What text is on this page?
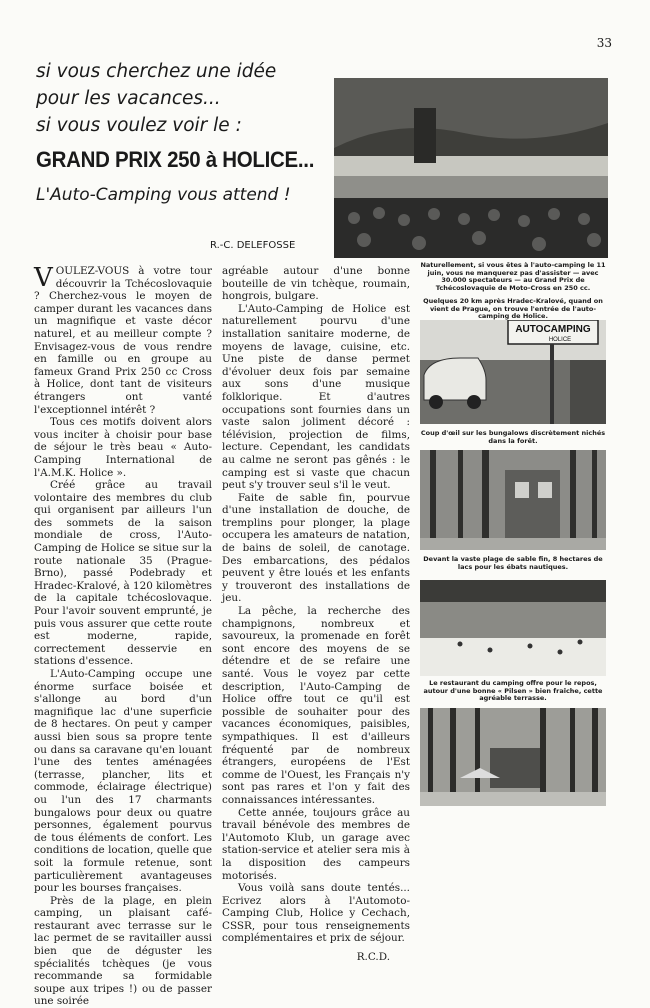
33

si vous cherchez une idée

pour les vacances...

si vous voulez voir le :

GRAND PRIX 250 à HOLICE...
L'Auto-Camping vous attend !
R.-C. DELEFOSSE
Naturellement, si vous êtes à l'auto-camping le 11 juin, vous ne manquerez pas d'assister — avec 30.000 spectateurs — au Grand Prix de Tchécoslovaquie de Moto-Cross en 250 cc.
AUTOCAMPING
HOLICE
Quelques 20 km après Hradec-Kralové, quand on vient de Prague, on trouve l'entrée de l'auto-camping de Holice.
Coup d'œil sur les bungalows discrètement nichés dans la forêt.
Devant la vaste plage de sable fin, 8 hectares de lacs pour les ébats nautiques.
Le restaurant du camping offre pour le repos, autour d'une bonne « Pilsen » bien fraîche, cette agréable terrasse.

VOULEZ-VOUS à votre tour découvrir la Tchécoslovaquie ? Cherchez-vous le moyen de camper durant les vacances dans un magnifique et vaste décor naturel, et au meilleur compte ? Envisagez-vous de vous rendre en famille ou en groupe au fameux Grand Prix 250 cc Cross à Holice, dont tant de visiteurs étrangers ont vanté l'exceptionnel intérêt ?

Tous ces motifs doivent alors vous inciter à choisir pour base de séjour le très beau « Auto-Camping International de l'A.M.K. Holice ».

Créé grâce au travail volontaire des membres du club qui organisent par ailleurs l'un des sommets de la saison mondiale de cross, l'Auto-Camping de Holice se situe sur la route nationale 35 (Prague-Brno), passé Podebrady et Hradec-Kralové, à 120 kilomètres de la capitale tchécoslovaque. Pour l'avoir souvent emprunté, je puis vous assurer que cette route est moderne, rapide, correctement desservie en stations d'essence.

L'Auto-Camping occupe une énorme surface boisée et s'allonge au bord d'un magnifique lac d'une superficie de 8 hectares. On peut y camper aussi bien sous sa propre tente ou dans sa caravane qu'en louant l'une des tentes aménagées (terrasse, plancher, lits et commode, éclairage électrique) ou l'un des 17 charmants bungalows pour deux ou quatre personnes, également pourvus de tous éléments de confort. Les conditions de location, quelle que soit la formule retenue, sont particulièrement avantageuses pour les bourses françaises.

Près de la plage, en plein camping, un plaisant café-restaurant avec terrasse sur le lac permet de se ravitailler aussi bien que de déguster les spécialités tchèques (je vous recommande sa formidable soupe aux tripes !) ou de passer une soirée

agréable autour d'une bonne bouteille de vin tchèque, roumain, hongrois, bulgare.

L'Auto-Camping de Holice est naturellement pourvu d'une installation sanitaire moderne, de moyens de lavage, cuisine, etc. Une piste de danse permet d'évoluer deux fois par semaine aux sons d'une musique folklorique. Et d'autres occupations sont fournies dans un vaste salon joliment décoré : télévision, projection de films, lecture. Cependant, les candidats au calme ne seront pas gênés : le camping est si vaste que chacun peut s'y trouver seul s'il le veut.

Faite de sable fin, pourvue d'une installation de douche, de tremplins pour plonger, la plage occupera les amateurs de natation, de bains de soleil, de canotage. Des embarcations, des pédalos peuvent y être loués et les enfants y trouveront des installations de jeu.

La pêche, la recherche des champignons, nombreux et savoureux, la promenade en forêt sont encore des moyens de se détendre et de se refaire une santé. Vous le voyez par cette description, l'Auto-Camping de Holice offre tout ce qu'il est possible de souhaiter pour des vacances économiques, paisibles, sympathiques. Il est d'ailleurs fréquenté par de nombreux étrangers, européens de l'Est comme de l'Ouest, les Français n'y sont pas rares et l'on y fait des connaissances intéressantes.

Cette année, toujours grâce au travail bénévole des membres de l'Automoto Klub, un garage avec station-service et atelier sera mis à la disposition des campeurs motorisés.

Vous voilà sans doute tentés... Ecrivez alors à l'Automoto-Camping Club, Holice y Cechach, CSSR, pour tous renseignements complémentaires et prix de séjour.

R.C.D.
